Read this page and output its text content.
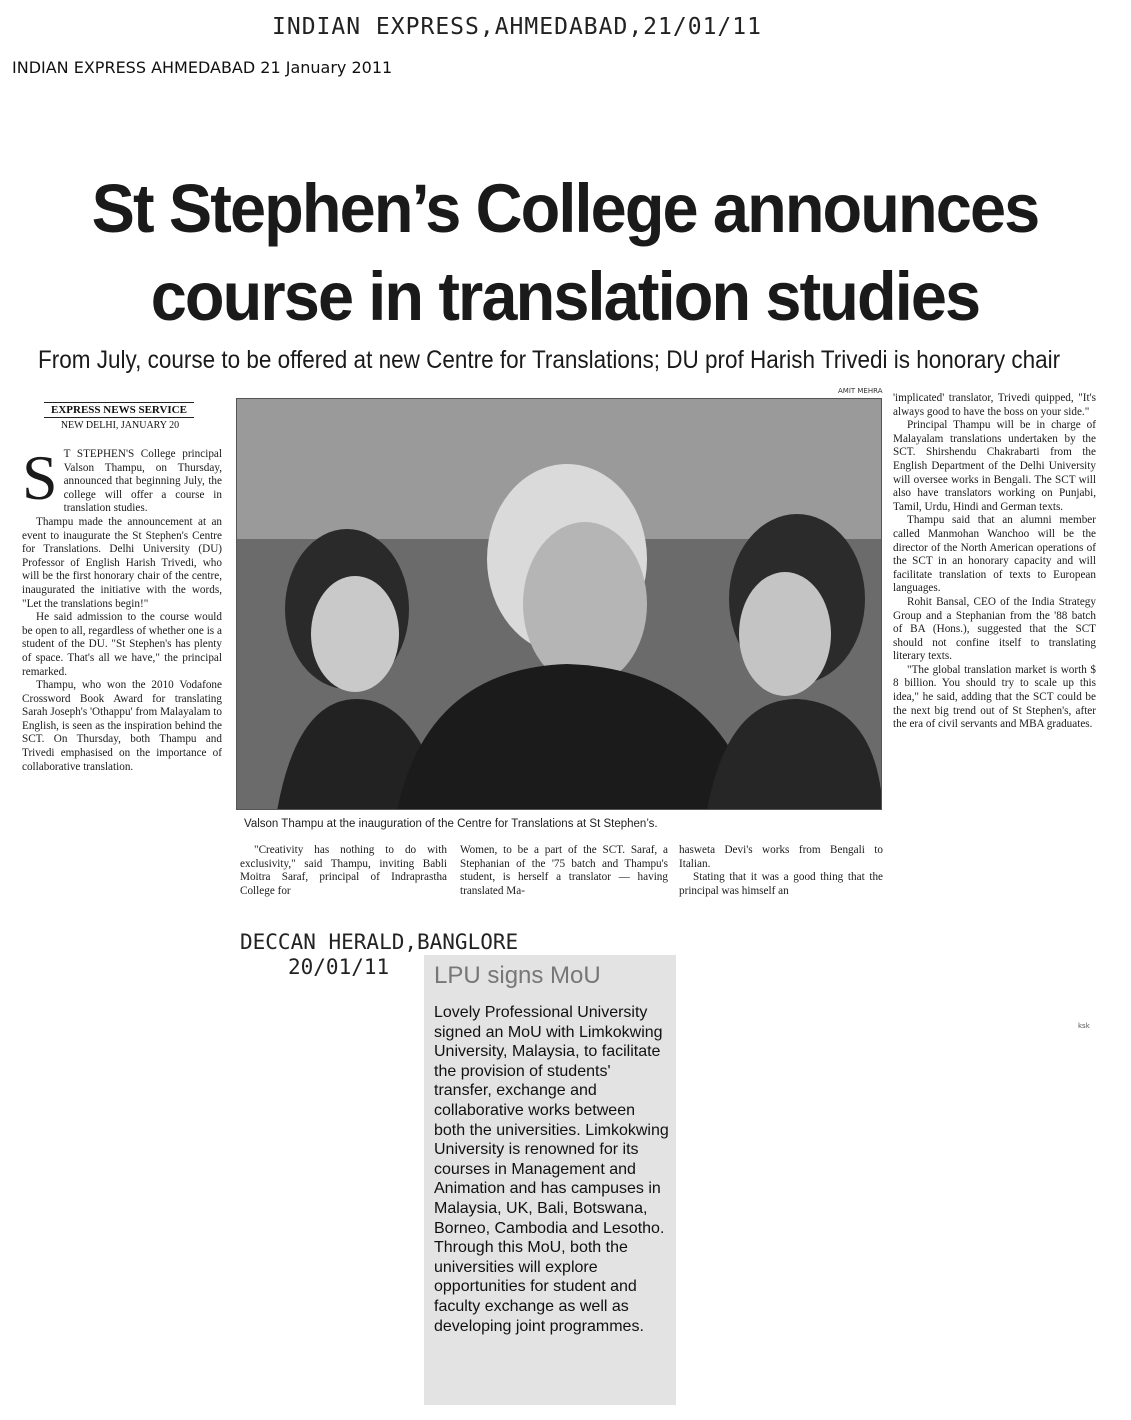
INDIAN EXPRESS,AHMEDABAD,21/01/11
INDIAN EXPRESS AHMEDABAD 21 January 2011
St Stephen’s College announces
course in translation studies
From July, course to be offered at new Centre for Translations; DU prof Harish Trivedi is honorary chair
AMIT MEHRA
EXPRESS NEWS SERVICE
NEW DELHI, JANUARY 20
S T STEPHEN'S College principal Valson Thampu, on Thursday, announced that beginning July, the college will offer a course in translation studies.

Thampu made the announcement at an event to inaugurate the St Stephen's Centre for Translations. Delhi University (DU) Professor of English Harish Trivedi, who will be the first honorary chair of the centre, inaugurated the initiative with the words, "Let the translations begin!"

He said admission to the course would be open to all, regardless of whether one is a student of the DU. "St Stephen's has plenty of space. That's all we have," the principal remarked.

Thampu, who won the 2010 Vodafone Crossword Book Award for translating Sarah Joseph's 'Othappu' from Malayalam to English, is seen as the inspiration behind the SCT. On Thursday, both Thampu and Trivedi emphasised on the importance of collaborative translation.

Valson Thampu at the inauguration of the Centre for Translations at St Stephen’s.

'implicated' translator, Trivedi quipped, "It's always good to have the boss on your side."

Principal Thampu will be in charge of Malayalam translations undertaken by the SCT. Shirshendu Chakrabarti from the English Department of the Delhi University will oversee works in Bengali. The SCT will also have translators working on Punjabi, Tamil, Urdu, Hindi and German texts.

Thampu said that an alumni member called Manmohan Wanchoo will be the director of the North American operations of the SCT in an honorary capacity and will facilitate translation of texts to European languages.

Rohit Bansal, CEO of the India Strategy Group and a Stephanian from the '88 batch of BA (Hons.), suggested that the SCT should not confine itself to translating literary texts.

"The global translation market is worth $ 8 billion. You should try to scale up this idea," he said, adding that the SCT could be the next big trend out of St Stephen's, after the era of civil servants and MBA graduates.

"Creativity has nothing to do with exclusivity," said Thampu, inviting Babli Moitra Saraf, principal of Indraprastha College for

Women, to be a part of the SCT. Saraf, a Stephanian of the '75 batch and Thampu's student, is herself a translator — having translated Ma-

hasweta Devi's works from Bengali to Italian.

Stating that it was a good thing that the principal was himself an

DECCAN HERALD,BANGLORE
20/01/11	LPU signs MoU
Lovely Professional University signed an MoU with Limkokwing University, Malaysia, to facilitate the provision of students' transfer, exchange and collaborative works between both the universities. Limkokwing University is renowned for its courses in Management and Animation and has campuses in Malaysia, UK, Bali, Botswana, Borneo, Cambodia and Lesotho. Through this MoU, both the universities will explore opportunities for student and faculty exchange as well as developing joint programmes.
ksk
